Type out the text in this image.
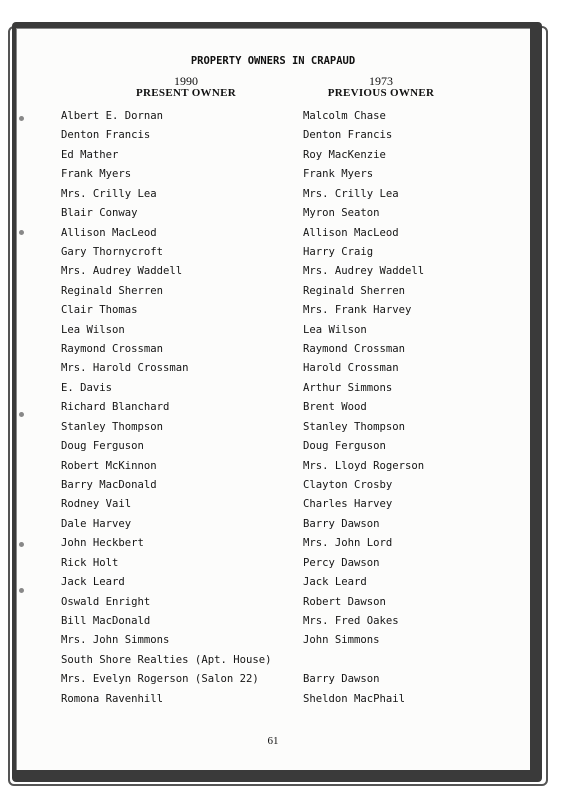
PROPERTY OWNERS IN CRAPAUD
1990
PRESENT OWNER
1973
PREVIOUS OWNER
Albert E. Dornan	Malcolm Chase
Denton Francis	Denton Francis
Ed Mather	Roy MacKenzie
Frank Myers	Frank Myers
Mrs. Crilly Lea	Mrs. Crilly Lea
Blair Conway	Myron Seaton
Allison MacLeod	Allison MacLeod
Gary Thornycroft	Harry Craig
Mrs. Audrey Waddell	Mrs. Audrey Waddell
Reginald Sherren	Reginald Sherren
Clair Thomas	Mrs. Frank Harvey
Lea Wilson	Lea Wilson
Raymond Crossman	Raymond Crossman
Mrs. Harold Crossman	Harold Crossman
E. Davis	Arthur Simmons
Richard Blanchard	Brent Wood
Stanley Thompson	Stanley Thompson
Doug Ferguson	Doug Ferguson
Robert McKinnon	Mrs. Lloyd Rogerson
Barry MacDonald	Clayton Crosby
Rodney Vail	Charles Harvey
Dale Harvey	Barry Dawson
John Heckbert	Mrs. John Lord
Rick Holt	Percy Dawson
Jack Leard	Jack Leard
Oswald Enright	Robert Dawson
Bill MacDonald	Mrs. Fred Oakes
Mrs. John Simmons	John Simmons
South Shore Realties (Apt. House)
Mrs. Evelyn Rogerson (Salon 22)	Barry Dawson
Romona Ravenhill	Sheldon MacPhail
61
